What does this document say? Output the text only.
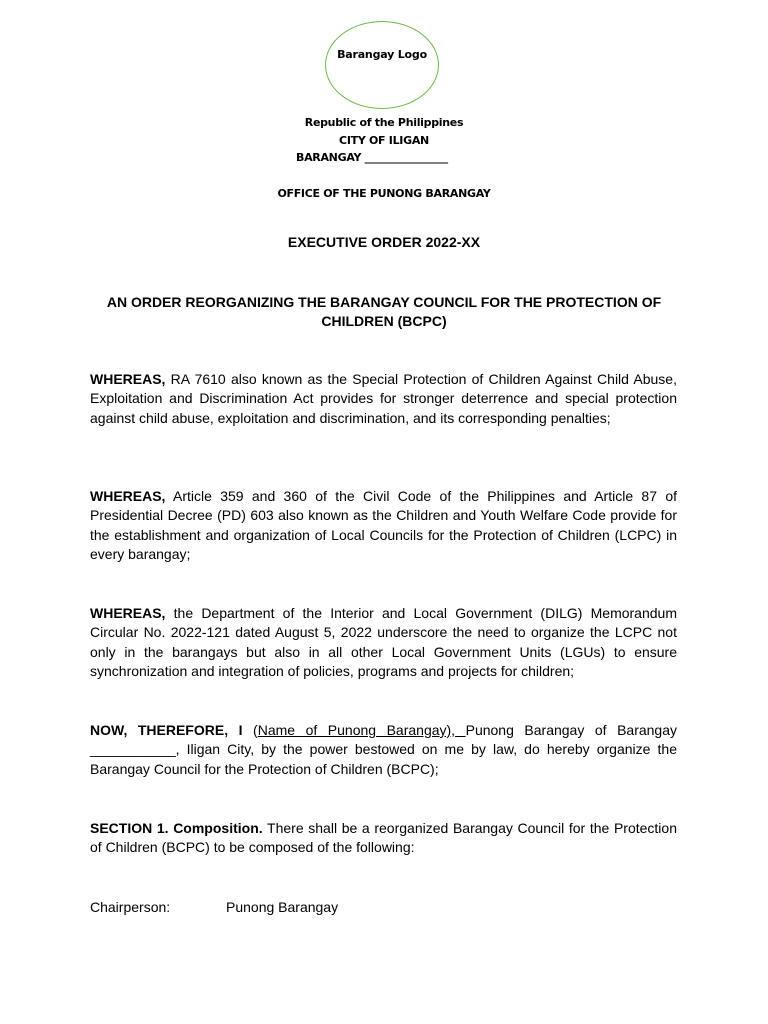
Barangay Logo
Republic of the Philippines
CITY OF ILIGAN
BARANGAY ________________
OFFICE OF THE PUNONG BARANGAY
EXECUTIVE ORDER 2022-XX
AN ORDER REORGANIZING THE BARANGAY COUNCIL FOR THE PROTECTION OF CHILDREN (BCPC)

WHEREAS, RA 7610 also known as the Special Protection of Children Against Child Abuse, Exploitation and Discrimination Act provides for stronger deterrence and special protection against child abuse, exploitation and discrimination, and its corresponding penalties;

WHEREAS, Article 359 and 360 of the Civil Code of the Philippines and Article 87 of Presidential Decree (PD) 603 also known as the Children and Youth Welfare Code provide for the establishment and organization of Local Councils for the Protection of Children (LCPC) in every barangay;

WHEREAS, the Department of the Interior and Local Government (DILG) Memorandum Circular No. 2022-121 dated August 5, 2022 underscore the need to organize the LCPC not only in the barangays but also in all other Local Government Units (LGUs) to ensure synchronization and integration of policies, programs and projects for children;

NOW, THEREFORE, I (Name of Punong Barangay), Punong Barangay of Barangay ___________, Iligan City, by the power bestowed on me by law, do hereby organize the Barangay Council for the Protection of Children (BCPC);

SECTION 1. Composition. There shall be a reorganized Barangay Council for the Protection of Children (BCPC) to be composed of the following:

Chairperson:	Punong Barangay
